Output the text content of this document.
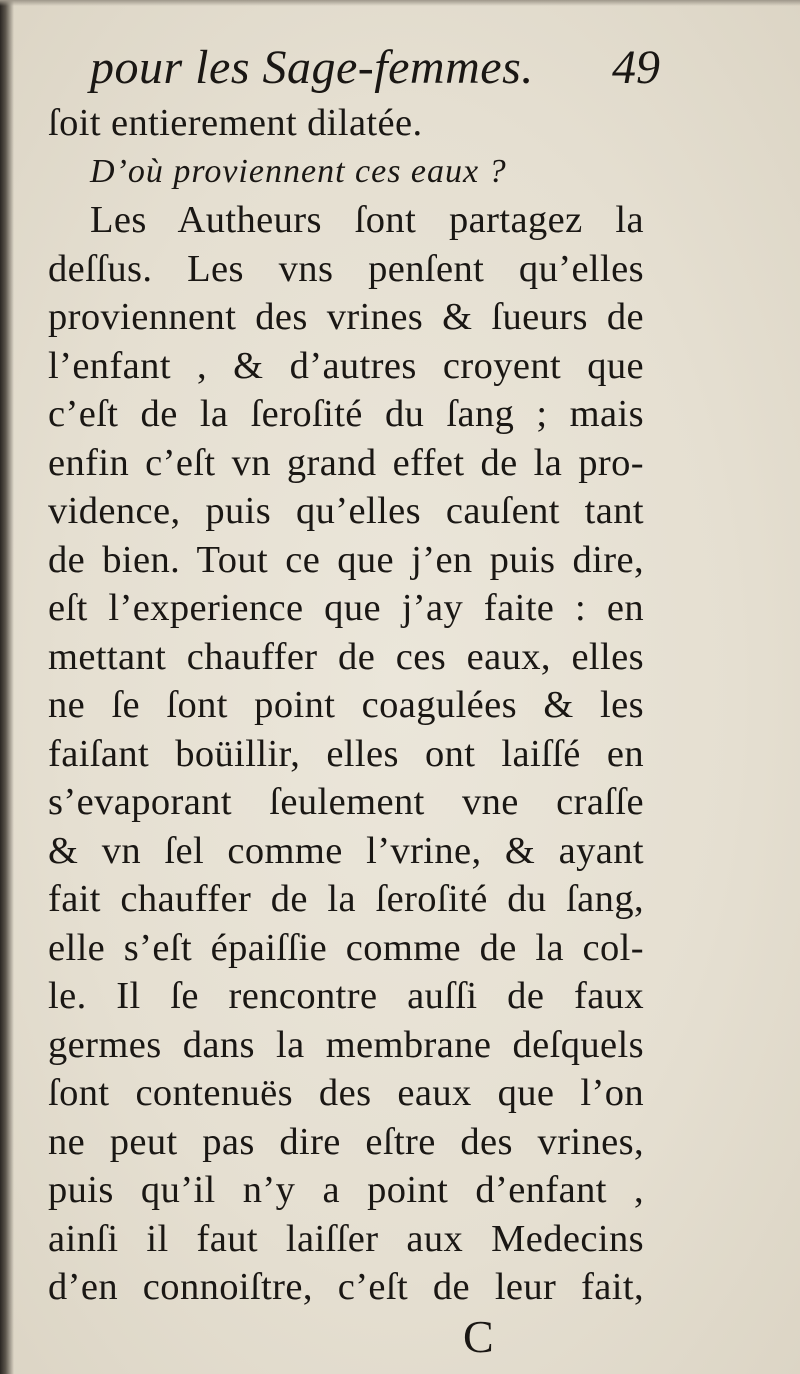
pour les Sage-femmes. 49
ſoit entierement dilatée.
D’où proviennent ces eaux ?
Les Autheurs ſont partagez la
deſſus. Les vns penſent qu’elles
proviennent des vrines & ſueurs de
l’enfant , & d’autres croyent que
c’eſt de la ſeroſité du ſang ; mais
enfin c’eſt vn grand effet de la pro-
vidence, puis qu’elles cauſent tant
de bien. Tout ce que j’en puis dire,
eſt l’experience que j’ay faite : en
mettant chauffer de ces eaux, elles
ne ſe ſont point coagulées & les
faiſant boüillir, elles ont laiſſé en
s’evaporant ſeulement vne craſſe
& vn ſel comme l’vrine, & ayant
fait chauffer de la ſeroſité du ſang,
elle s’eſt épaiſſie comme de la col-
le. Il ſe rencontre auſſi de faux
germes dans la membrane deſquels
ſont contenuës des eaux que l’on
ne peut pas dire eſtre des vrines,
puis qu’il n’y a point d’enfant ,
ainſi il faut laiſſer aux Medecins
d’en connoiſtre, c’eſt de leur fait,
C
